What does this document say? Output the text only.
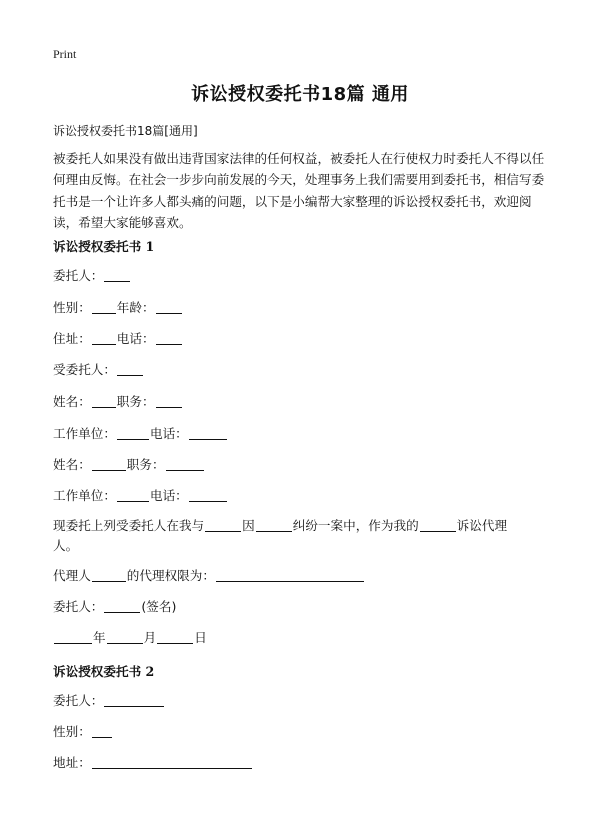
Print
诉讼授权委托书18篇 通用
诉讼授权委托书18篇[通用]
被委托人如果没有做出违背国家法律的任何权益，被委托人在行使权力时委托人不得以任何理由反悔。在社会一步步向前发展的今天，处理事务上我们需要用到委托书，相信写委托书是一个让许多人都头痛的问题，以下是小编帮大家整理的诉讼授权委托书，欢迎阅读，希望大家能够喜欢。
诉讼授权委托书 1
委托人：
性别： 年龄：
住址： 电话：
受委托人：
姓名： 职务：
工作单位：	电话：
姓名：	职务：
工作单位：	电话：
现委托上列受委托人在我与	因	纠纷一案中，作为我的	诉讼代理
人。
代理人	的代理权限为：
委托人：	(签名)
年	月	日
诉讼授权委托书 2
委托人：
性别：
地址：
